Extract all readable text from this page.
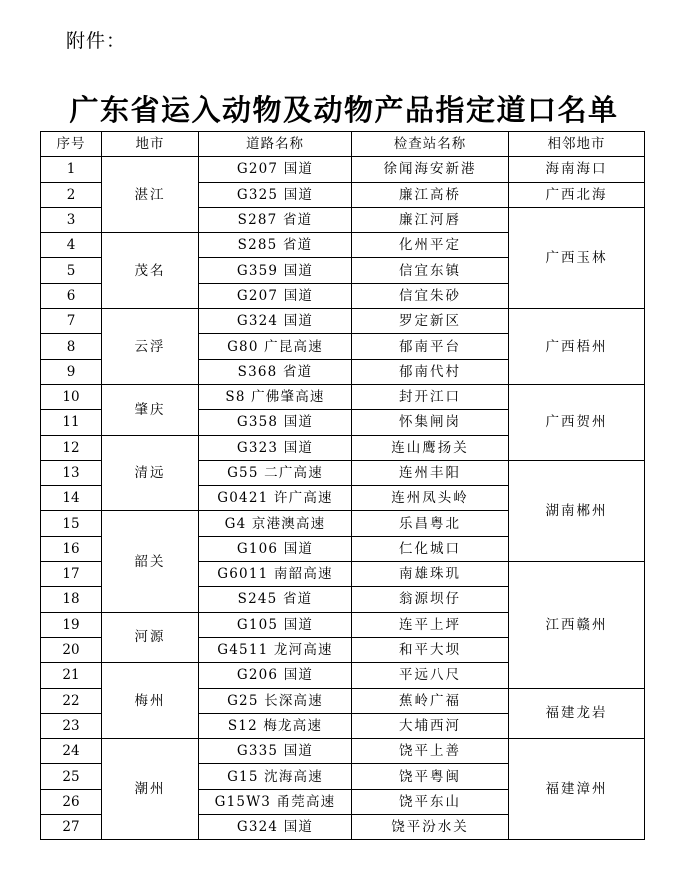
附件：
广东省运入动物及动物产品指定道口名单
序号	地市	道路名称	检查站名称	相邻地市
1	湛江	G207 国道	徐闻海安新港	海南海口
2		G325 国道	廉江高桥	广西北海
3		S287 省道	廉江河唇	广西玉林
4	茂名	S285 省道	化州平定	
5		G359 国道	信宜东镇	
6		G207 国道	信宜朱砂	
7	云浮	G324 国道	罗定新区	广西梧州
8		G80 广昆高速	郁南平台	
9		S368 省道	郁南代村	
10	肇庆	S8 广佛肇高速	封开江口	广西贺州
11		G358 国道	怀集闸岗	
12	清远	G323 国道	连山鹰扬关	
13		G55 二广高速	连州丰阳	湖南郴州
14		G0421 许广高速	连州凤头岭	
15	韶关	G4 京港澳高速	乐昌粤北	
16		G106 国道	仁化城口	
17		G6011 南韶高速	南雄珠玑	江西赣州
18		S245 省道	翁源坝仔	
19	河源	G105 国道	连平上坪	
20		G4511 龙河高速	和平大坝	
21	梅州	G206 国道	平远八尺	
22		G25 长深高速	蕉岭广福	福建龙岩
23		S12 梅龙高速	大埔西河	
24	潮州	G335 国道	饶平上善	福建漳州
25		G15 沈海高速	饶平粤闽	
26		G15W3 甬莞高速	饶平东山	
27		G324 国道	饶平汾水关	
